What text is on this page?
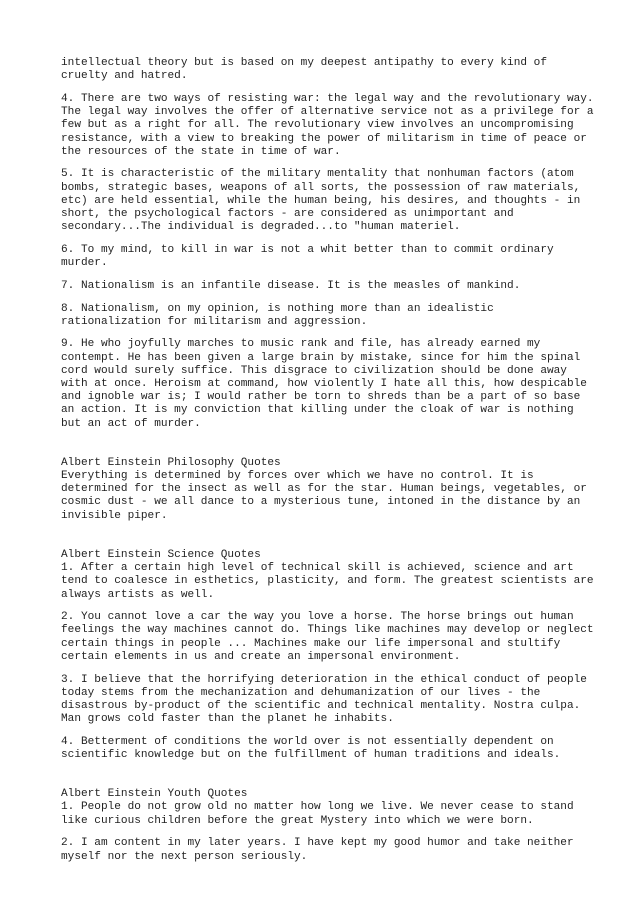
intellectual theory but is based on my deepest antipathy to every kind of
cruelty and hatred.

4. There are two ways of resisting war: the legal way and the revolutionary way.
The legal way involves the offer of alternative service not as a privilege for a
few but as a right for all. The revolutionary view involves an uncompromising
resistance, with a view to breaking the power of militarism in time of peace or
the resources of the state in time of war.

5. It is characteristic of the military mentality that nonhuman factors (atom
bombs, strategic bases, weapons of all sorts, the possession of raw materials,
etc) are held essential, while the human being, his desires, and thoughts - in
short, the psychological factors - are considered as unimportant and
secondary...The individual is degraded...to "human materiel.

6. To my mind, to kill in war is not a whit better than to commit ordinary
murder.

7. Nationalism is an infantile disease. It is the measles of mankind.

8. Nationalism, on my opinion, is nothing more than an idealistic
rationalization for militarism and aggression.

9. He who joyfully marches to music rank and file, has already earned my
contempt. He has been given a large brain by mistake, since for him the spinal
cord would surely suffice. This disgrace to civilization should be done away
with at once. Heroism at command, how violently I hate all this, how despicable
and ignoble war is; I would rather be torn to shreds than be a part of so base
an action. It is my conviction that killing under the cloak of war is nothing
but an act of murder.

Albert Einstein Philosophy Quotes

Everything is determined by forces over which we have no control. It is
determined for the insect as well as for the star. Human beings, vegetables, or
cosmic dust - we all dance to a mysterious tune, intoned in the distance by an
invisible piper.

Albert Einstein Science Quotes

1. After a certain high level of technical skill is achieved, science and art
tend to coalesce in esthetics, plasticity, and form. The greatest scientists are
always artists as well.

2. You cannot love a car the way you love a horse. The horse brings out human
feelings the way machines cannot do. Things like machines may develop or neglect
certain things in people ... Machines make our life impersonal and stultify
certain elements in us and create an impersonal environment.

3. I believe that the horrifying deterioration in the ethical conduct of people
today stems from the mechanization and dehumanization of our lives - the
disastrous by-product of the scientific and technical mentality. Nostra culpa.
Man grows cold faster than the planet he inhabits.

4. Betterment of conditions the world over is not essentially dependent on
scientific knowledge but on the fulfillment of human traditions and ideals.

Albert Einstein Youth Quotes

1. People do not grow old no matter how long we live. We never cease to stand
like curious children before the great Mystery into which we were born.

2. I am content in my later years. I have kept my good humor and take neither
myself nor the next person seriously.
